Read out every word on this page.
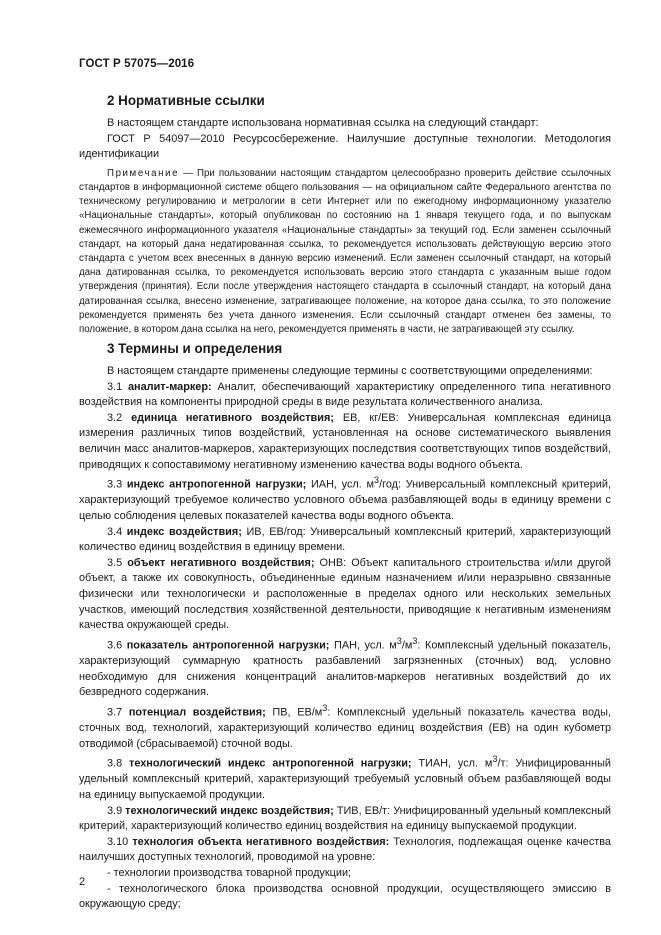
ГОСТ Р 57075—2016
2 Нормативные ссылки

В настоящем стандарте использована нормативная ссылка на следующий стандарт:

ГОСТ Р 54097—2010 Ресурсосбережение. Наилучшие доступные технологии. Методология идентификации

Примечание — При пользовании настоящим стандартом целесообразно проверить действие ссылочных стандартов в информационной системе общего пользования — на официальном сайте Федерального агентства по техническому регулированию и метрологии в сети Интернет или по ежегодному информационному указателю «Национальные стандарты», который опубликован по состоянию на 1 января текущего года, и по выпускам ежемесячного информационного указателя «Национальные стандарты» за текущий год. Если заменен ссылочный стандарт, на который дана недатированная ссылка, то рекомендуется использовать действующую версию этого стандарта с учетом всех внесенных в данную версию изменений. Если заменен ссылочный стандарт, на который дана датированная ссылка, то рекомендуется использовать версию этого стандарта с указанным выше годом утверждения (принятия). Если после утверждения настоящего стандарта в ссылочный стандарт, на который дана датированная ссылка, внесено изменение, затрагивающее положение, на которое дана ссылка, то это положение рекомендуется применять без учета данного изменения. Если ссылочный стандарт отменен без замены, то положение, в котором дана ссылка на него, рекомендуется применять в части, не затрагивающей эту ссылку.

3 Термины и определения

В настоящем стандарте применены следующие термины с соответствующими определениями:

3.1 аналит-маркер: Аналит, обеспечивающий характеристику определенного типа негативного воздействия на компоненты природной среды в виде результата количественного анализа.

3.2 единица негативного воздействия; ЕВ, кг/ЕВ: Универсальная комплексная единица измерения различных типов воздействий, установленная на основе систематического выявления величин масс аналитов-маркеров, характеризующих последствия соответствующих типов воздействий, приводящих к сопоставимому негативному изменению качества воды водного объекта.

3.3 индекс антропогенной нагрузки; ИАН, усл. $м^3$/год: Универсальный комплексный критерий, характеризующий требуемое количество условного объема разбавляющей воды в единицу времени с целью соблюдения целевых показателей качества воды водного объекта.

3.4 индекс воздействия; ИВ, ЕВ/год: Универсальный комплексный критерий, характеризующий количество единиц воздействия в единицу времени.

3.5 объект негативного воздействия; ОНВ: Объект капитального строительства и/или другой объект, а также их совокупность, объединенные единым назначением и/или неразрывно связанные физически или технологически и расположенные в пределах одного или нескольких земельных участков, имеющий последствия хозяйственной деятельности, приводящие к негативным изменениям качества окружающей среды.

3.6 показатель антропогенной нагрузки; ПАН, усл. $м^3/м^3$: Комплексный удельный показатель, характеризующий суммарную кратность разбавлений загрязненных (сточных) вод, условно необходимую для снижения концентраций аналитов-маркеров негативных воздействий до их безвредного содержания.

3.7 потенциал воздействия; ПВ, $ЕВ/м^3$: Комплексный удельный показатель качества воды, сточных вод, технологий, характеризующий количество единиц воздействия (ЕВ) на один кубометр отводимой (сбрасываемой) сточной воды.

3.8 технологический индекс антропогенной нагрузки; ТИАН, усл. $м^3/т$: Унифицированный удельный комплексный критерий, характеризующий требуемый условный объем разбавляющей воды на единицу выпускаемой продукции.

3.9 технологический индекс воздействия; ТИВ, ЕВ/т: Унифицированный удельный комплексный критерий, характеризующий количество единиц воздействия на единицу выпускаемой продукции.

3.10 технология объекта негативного воздействия: Технология, подлежащая оценке качества наилучших доступных технологий, проводимой на уровне:

- технологии производства товарной продукции;

- технологического блока производства основной продукции, осуществляющего эмиссию в окружающую среду;

2
